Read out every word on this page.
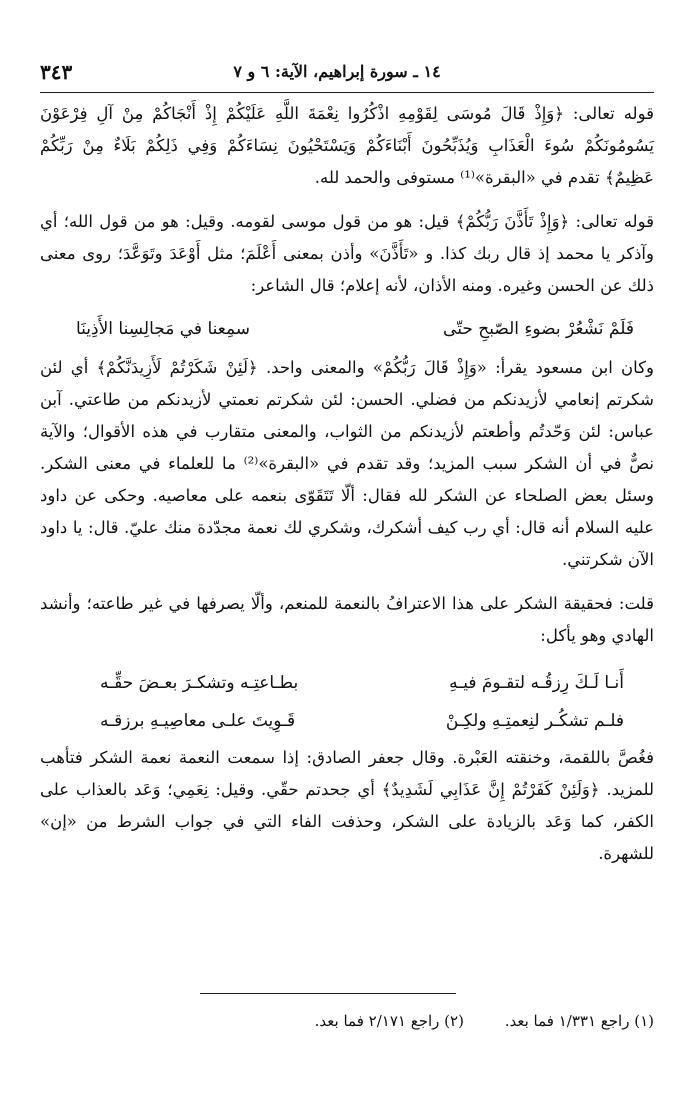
١٤ ـ سورة إبراهيم، الآية: ٦ و ٧
٣٤٣

قوله تعالى: ﴿وَإِذْ قَالَ مُوسَى لِقَوْمِهِ اذْكُرُوا نِعْمَةَ اللَّهِ عَلَيْكُمْ إِذْ أَنْجَاكُمْ مِنْ آلِ فِرْعَوْنَ يَسُومُونَكُمْ سُوءَ الْعَذَابِ وَيُذَبِّحُونَ أَبْنَاءَكُمْ وَيَسْتَحْيُونَ نِسَاءَكُمْ وَفِي ذَلِكُمْ بَلَاءٌ مِنْ رَبِّكُمْ عَظِيمٌ﴾ تقدم في «البقرة»⁽¹⁾ مستوفى والحمد لله.

قوله تعالى: ﴿وَإِذْ تَأَذَّنَ رَبُّكُمْ﴾ قيل: هو من قول موسى لقومه. وقيل: هو من قول الله؛ أي وآذكر يا محمد إذ قال ربك كذا. و «تَأَذَّنَ» وأذن بمعنى أَعْلَمَ؛ مثل أَوْعَدَ وتَوَعَّدَ؛ روى معنى ذلك عن الحسن وغيره. ومنه الأذان، لأنه إعلام؛ قال الشاعر:

فَلَمْ نَشْعُرْ بضوءِ الصّبحِ حتّى
سمِعنا في مَجالِسِنا الأَذِينَا

وكان ابن مسعود يقرأ: «وَإِذْ قَالَ رَبُّكُمْ» والمعنى واحد. ﴿لَئِنْ شَكَرْتُمْ لَأَزِيدَنَّكُمْ﴾ أي لئن شكرتم إنعامي لأزيدنكم من فضلي. الحسن: لئن شكرتم نعمتي لأزيدنكم من طاعتي. آبن عباس: لئن وَحّدتُم وأطعتم لأزيدنكم من الثواب، والمعنى متقارب في هذه الأقوال؛ والآية نصٌّ في أن الشكر سبب المزيد؛ وقد تقدم في «البقرة»⁽²⁾ ما للعلماء في معنى الشكر. وسئل بعض الصلحاء عن الشكر لله فقال: ألّا تَتَقَوّى بنعمه على معاصيه. وحكى عن داود عليه السلام أنه قال: أي رب كيف أشكرك، وشكري لك نعمة مجدّدة منك عليّ. قال: يا داود الآن شكرتني.

قلت: فحقيقة الشكر على هذا الاعترافُ بالنعمة للمنعم، وألّا يصرفها في غير طاعته؛ وأنشد الهادي وهو يأكل:

أَنـا لَـكَ رِزقُـه لتقـومَ فيـهِ
بطـاعتِـه وتشكـرَ بعـضَ حقِّـه
فلـم تشكُـر لنِعمتِـهِ ولكِـنْ
قَـوِيتَ علـى معاصِيـهِ برزقـه

فغُصَّ باللقمة، وخنقته العَبْرة. وقال جعفر الصادق: إذا سمعت النعمة نعمة الشكر فتأهب للمزيد. ﴿وَلَئِنْ كَفَرْتُمْ إِنَّ عَذَابِي لَشَدِيدٌ﴾ أي جحدتم حقّي. وقيل: نِعَمِي؛ وَعَد بالعذاب على الكفر، كما وَعَد بالزيادة على الشكر، وحذفت الفاء التي في جواب الشرط من «إن» للشهرة.

(١) راجع ١/٣٣١ فما بعد. (٢) راجع ٢/١٧١ فما بعد.
